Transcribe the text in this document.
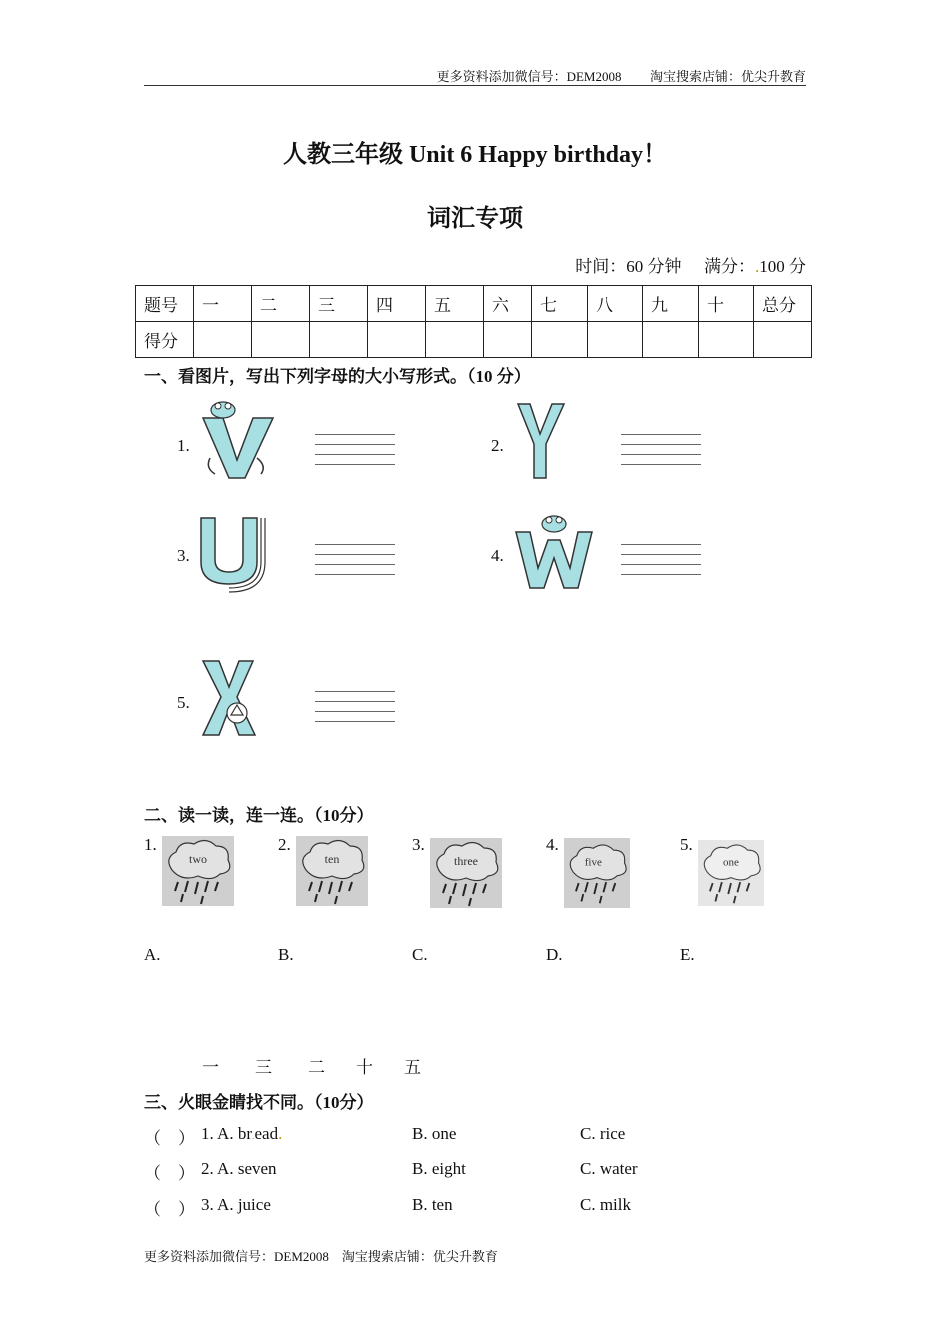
更多资料添加微信号：DEM2008 淘宝搜索店铺：优尖升教育
人教三年级 Unit 6 Happy birthday！
词汇专项
时间：60 分钟 满分：.100 分
题号	一	二	三	四	五	六	七	八	九	十	总分
得分											
一、看图片，写出下列字母的大小写形式。（10 分）
1.	2.
3.	4.
5.
二、读一读，连一连。（10分）
1.
two
2.
ten
3.
three
4.
five
5.
one
A.	B.	C.	D.	E.
一 三 二 十 五
三、火眼金睛找不同。（10分）
（　） 1. A. br.ead.	B. one	C. rice
（　） 2. A. seven	B. eight	C. water
（　） 3. A. juice	B. ten	C. milk
更多资料添加微信号：DEM2008　淘宝搜索店铺：优尖升教育
